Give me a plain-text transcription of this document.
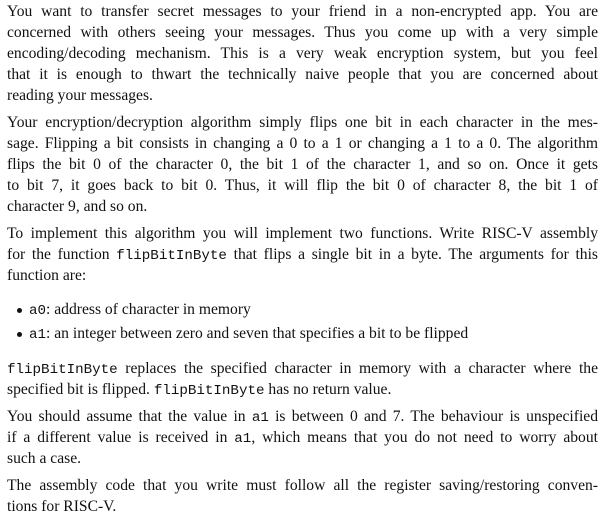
You want to transfer secret messages to your friend in a non-encrypted app. You are
concerned with others seeing your messages. Thus you come up with a very simple
encoding/decoding mechanism. This is a very weak encryption system, but you feel
that it is enough to thwart the technically naive people that you are concerned about
reading your messages.
Your encryption/decryption algorithm simply flips one bit in each character in the mes-
sage. Flipping a bit consists in changing a 0 to a 1 or changing a 1 to a 0. The algorithm
flips the bit 0 of the character 0, the bit 1 of the character 1, and so on. Once it gets
to bit 7, it goes back to bit 0. Thus, it will flip the bit 0 of character 8, the bit 1 of
character 9, and so on.
To implement this algorithm you will implement two functions. Write RISC-V assembly
for the function flipBitInByte that flips a single bit in a byte. The arguments for this
function are:
a0: address of character in memory
a1: an integer between zero and seven that specifies a bit to be flipped
flipBitInByte replaces the specified character in memory with a character where the
specified bit is flipped. flipBitInByte has no return value.
You should assume that the value in a1 is between 0 and 7. The behaviour is unspecified
if a different value is received in a1, which means that you do not need to worry about
such a case.
The assembly code that you write must follow all the register saving/restoring conven-
tions for RISC-V.
